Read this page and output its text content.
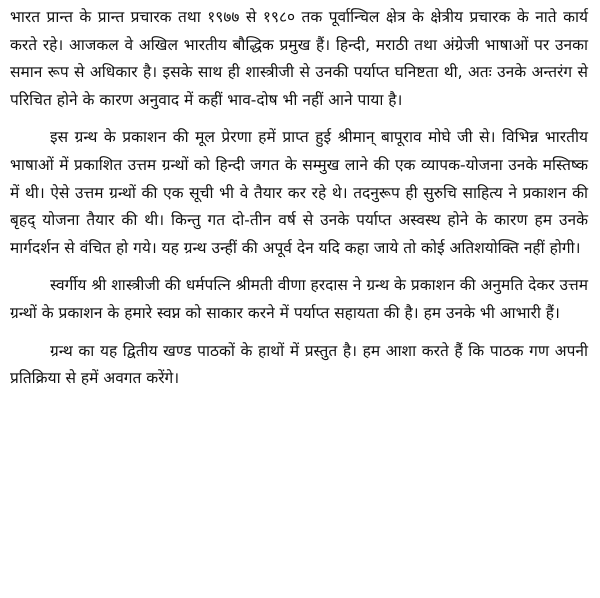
भारत प्रान्त के प्रान्त प्रचारक तथा १९७७ से १९८० तक पूर्वान्चिल क्षेत्र के क्षेत्रीय प्रचारक के नाते कार्य करते रहे। आजकल वे अखिल भारतीय बौद्धिक प्रमुख हैं। हिन्दी, मराठी तथा अंग्रेजी भाषाओं पर उनका समान रूप से अधिकार है। इसके साथ ही शास्त्रीजी से उनकी पर्याप्त घनिष्टता थी, अतः उनके अन्तरंग से परिचित होने के कारण अनुवाद में कहीं भाव-दोष भी नहीं आने पाया है।

इस ग्रन्थ के प्रकाशन की मूल प्रेरणा हमें प्राप्त हुई श्रीमान् बापूराव मोघे जी से। विभिन्न भारतीय भाषाओं में प्रकाशित उत्तम ग्रन्थों को हिन्दी जगत के सम्मुख लाने की एक व्यापक-योजना उनके मस्तिष्क में थी। ऐसे उत्तम ग्रन्थों की एक सूची भी वे तैयार कर रहे थे। तदनुरूप ही सुरुचि साहित्य ने प्रकाशन की बृहद् योजना तैयार की थी। किन्तु गत दो-तीन वर्ष से उनके पर्याप्त अस्वस्थ होने के कारण हम उनके मार्गदर्शन से वंचित हो गये। यह ग्रन्थ उन्हीं की अपूर्व देन यदि कहा जाये तो कोई अतिशयोक्ति नहीं होगी।

स्वर्गीय श्री शास्त्रीजी की धर्मपत्नि श्रीमती वीणा हरदास ने ग्रन्थ के प्रकाशन की अनुमति देकर उत्तम ग्रन्थों के प्रकाशन के हमारे स्वप्न को साकार करने में पर्याप्त सहायता की है। हम उनके भी आभारी हैं।

ग्रन्थ का यह द्वितीय खण्ड पाठकों के हाथों में प्रस्तुत है। हम आशा करते हैं कि पाठक गण अपनी प्रतिक्रिया से हमें अवगत करेंगे।
